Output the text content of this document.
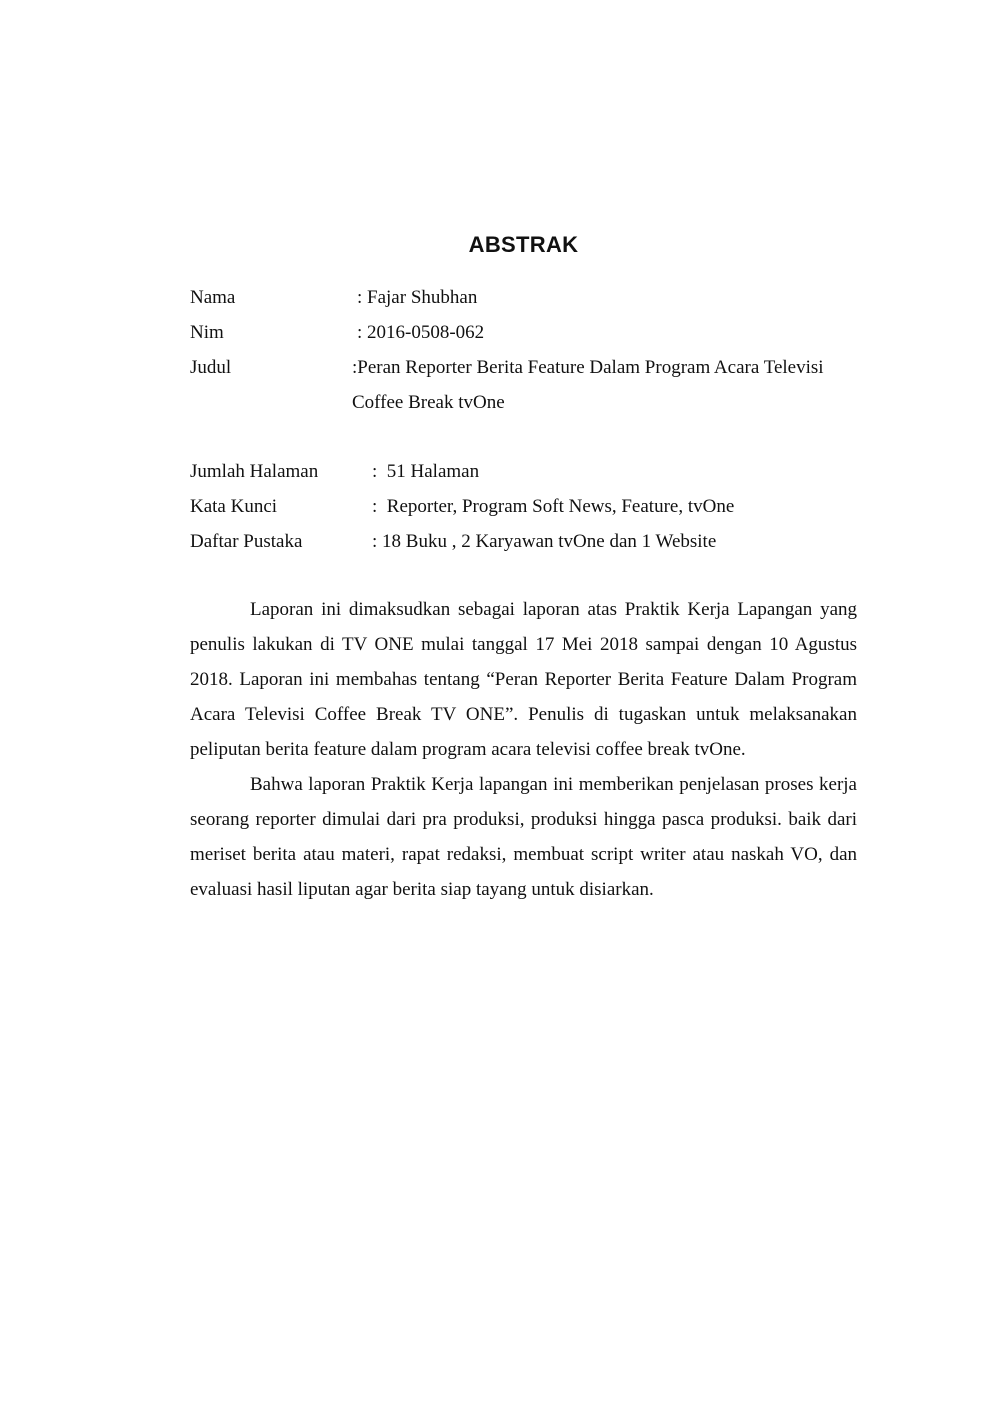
ABSTRAK
Nama	: Fajar Shubhan
Nim	: 2016-0508-062
Judul	:Peran Reporter Berita Feature Dalam Program Acara Televisi
Coffee Break tvOne
Jumlah Halaman	:  51 Halaman
Kata Kunci	:  Reporter, Program Soft News, Feature, tvOne
Daftar Pustaka	: 18 Buku , 2 Karyawan tvOne dan 1 Website

Laporan ini dimaksudkan sebagai laporan atas Praktik Kerja Lapangan yang penulis lakukan di TV ONE mulai tanggal 17 Mei 2018 sampai dengan 10 Agustus 2018. Laporan ini membahas tentang “Peran Reporter Berita Feature Dalam Program Acara Televisi Coffee Break TV ONE”. Penulis di tugaskan untuk melaksanakan peliputan berita feature dalam program acara televisi coffee break tvOne.

Bahwa laporan Praktik Kerja lapangan ini memberikan penjelasan proses kerja seorang reporter dimulai dari pra produksi, produksi hingga pasca produksi. baik dari meriset berita atau materi, rapat redaksi, membuat script writer atau naskah VO, dan evaluasi hasil liputan agar berita siap tayang untuk disiarkan.
